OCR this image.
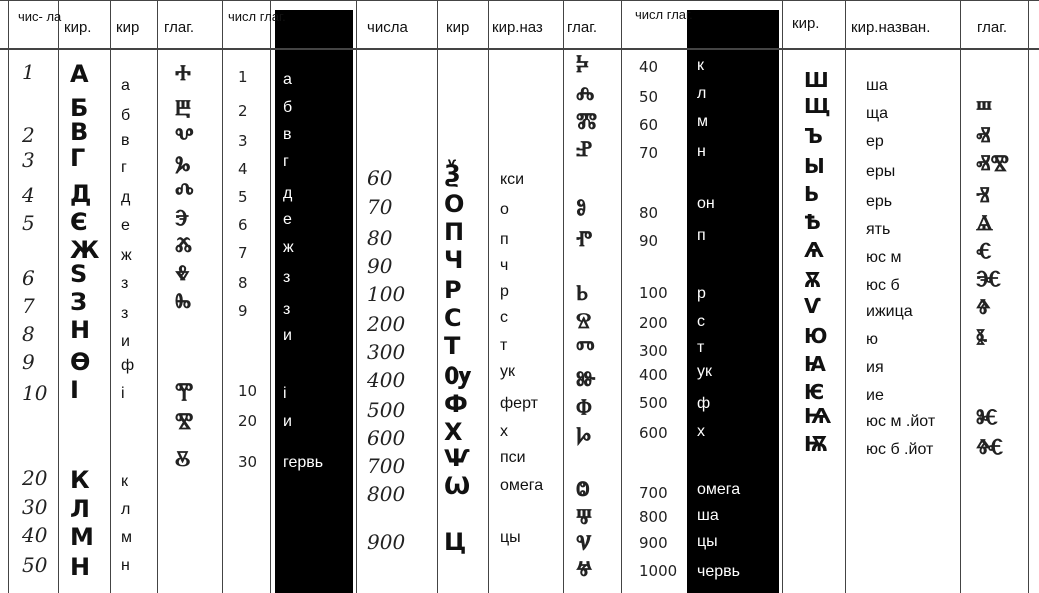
чис- ла
кир. кир глаг.
числ глаг.
1
2
3
4
5
6
7
8
9
10
20
30
40
50
А
Б
В
Г
Д
Є
Ж
Ѕ
З
Н
Ѳ
І
К
Л
М
Н
а
б
в
г
д
е
ж
з
з
и
ф
і
к
л
м
н
Ⰰ
Ⰱ
Ⰲ
Ⰳ
Ⰴ
Ⰵ
Ⰶ
Ⰷ
Ⰸ
Ⰹ
Ⰺ
Ⰻ
1
2
3
4
5
6
7
8
9
10
20
30
а
б
в
г
д
е
ж
з
з
и
і
и
гервь
числа	кир кир.наз глаг.
числ глаг.
60
70
80
90
100
200
300
400
500
600
700
800
900
Ѯ
О
П
Ч
Р
С
Т
Ѹ
Ф
Х
Ѱ
Ѡ
Ц
кси
о
п
ч
р
с
т
ук
ферт
х
пси
омега
цы
Ⰽ
Ⰾ
Ⰿ
Ⱀ
Ⱁ
Ⱂ
Ⱃ
Ⱄ
Ⱅ
Ⱆ
Ⱇ
Ⱈ
Ⱉ
Ⱋ
Ⱌ
Ⱍ
40
50
60
70
80
90
100
200
300
400
500
600
700
800
900
1000
к
л
м
н
он
п
р
с
т
ук
ф
х
омега
ша
цы
червь
кир. кир.назван.	глаг.
Ш
Щ
Ъ
Ы
Ь
Ѣ
Ѧ
Ѫ
Ѵ
Ю
Ꙗ
Ѥ
Ѩ
Ѭ
ша
ща
ер
еры
ерь
ять
юс м
юс б
ижица
ю
ия
ие
юс м .йот
юс б .йот
Ⱎ
Ⱏ
ⰟⰊ
Ⱐ
Ⱑ
Ⱔ
Ⱗ
Ⱖ
Ⱛ
Ⱘ
Ⱙ
